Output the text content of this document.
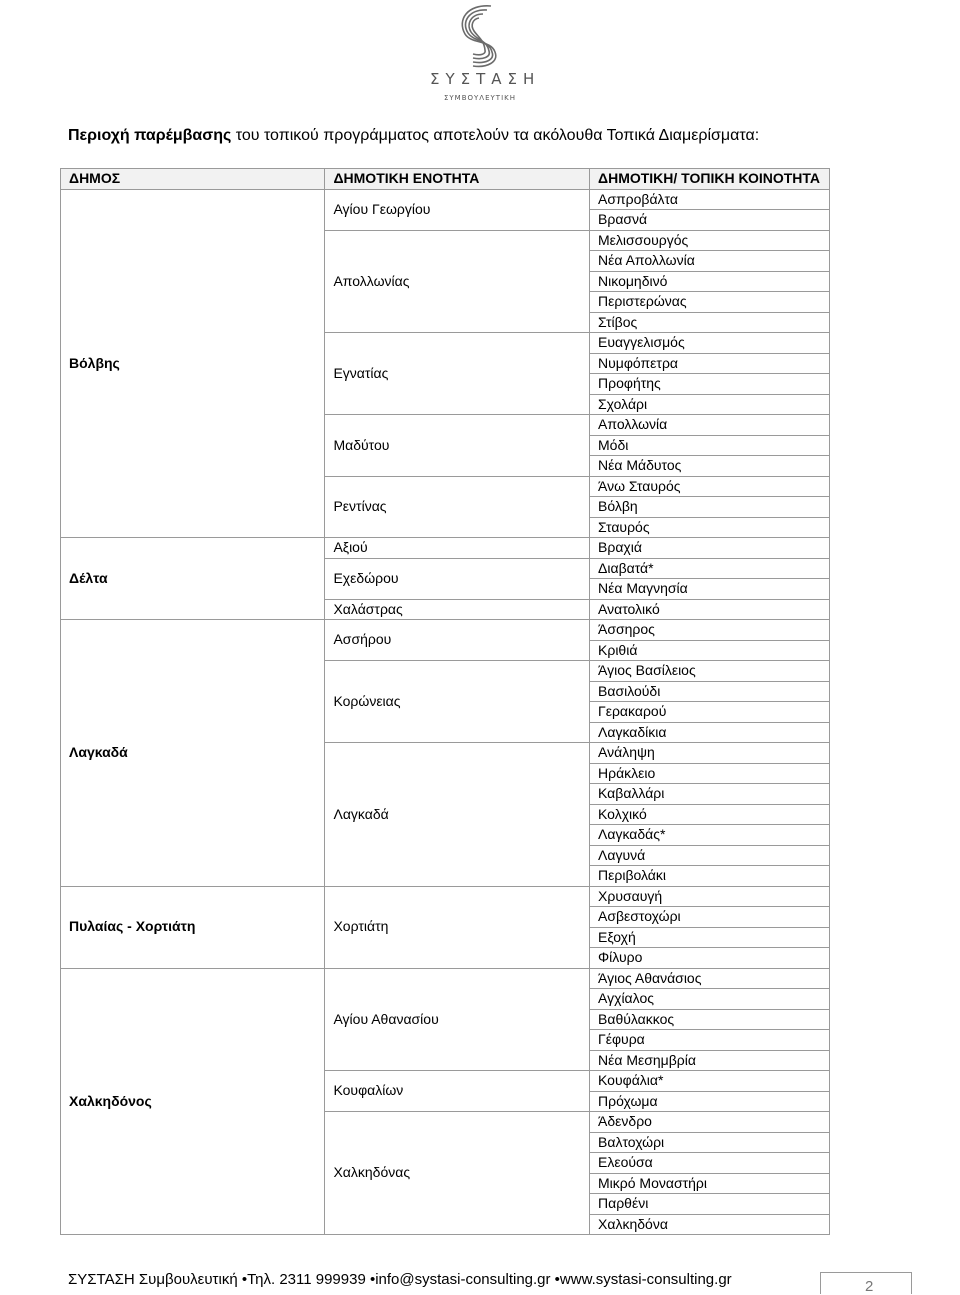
ΣΥΣΤΑΣΗ
ΣΥΜΒΟΥΛΕΥΤΙΚΗ
Περιοχή παρέμβασης του τοπικού προγράμματος αποτελούν τα ακόλουθα Τοπικά Διαμερίσματα:
ΔΗΜΟΣ	ΔΗΜΟΤΙΚΗ ΕΝΟΤΗΤΑ	ΔΗΜΟΤΙΚΗ/ ΤΟΠΙΚΗ ΚΟΙΝΟΤΗΤΑ
Βόλβης	Αγίου Γεωργίου	Ασπροβάλτα
		Βρασνά
	Απολλωνίας	Μελισσουργός
		Νέα Απολλωνία
		Νικομηδινό
		Περιστερώνας
		Στίβος
	Εγνατίας	Ευαγγελισμός
		Νυμφόπετρα
		Προφήτης
		Σχολάρι
	Μαδύτου	Απολλωνία
		Μόδι
		Νέα Μάδυτος
	Ρεντίνας	Άνω Σταυρός
		Βόλβη
		Σταυρός
Δέλτα	Αξιού	Βραχιά
	Εχεδώρου	Διαβατά*
		Νέα Μαγνησία
	Χαλάστρας	Ανατολικό
Λαγκαδά	Ασσήρου	Άσσηρος
		Κριθιά
	Κορώνειας	Άγιος Βασίλειος
		Βασιλούδι
		Γερακαρού
		Λαγκαδίκια
	Λαγκαδά	Ανάληψη
		Ηράκλειο
		Καβαλλάρι
		Κολχικό
		Λαγκαδάς*
		Λαγυνά
		Περιβολάκι
Πυλαίας - Χορτιάτη	Χορτιάτη	Χρυσαυγή
		Ασβεστοχώρι
		Εξοχή
		Φίλυρο
Χαλκηδόνος	Αγίου Αθανασίου	Άγιος Αθανάσιος
		Αγχίαλος
		Βαθύλακκος
		Γέφυρα
		Νέα Μεσημβρία
	Κουφαλίων	Κουφάλια*
		Πρόχωμα
	Χαλκηδόνας	Άδενδρο
		Βαλτοχώρι
		Ελεούσα
		Μικρό Μοναστήρι
		Παρθένι
		Χαλκηδόνα
ΣΥΣΤΑΣΗ Συμβουλευτική •Τηλ. 2311 999939 •info@systasi-consulting.gr •www.systasi-consulting.gr	2
